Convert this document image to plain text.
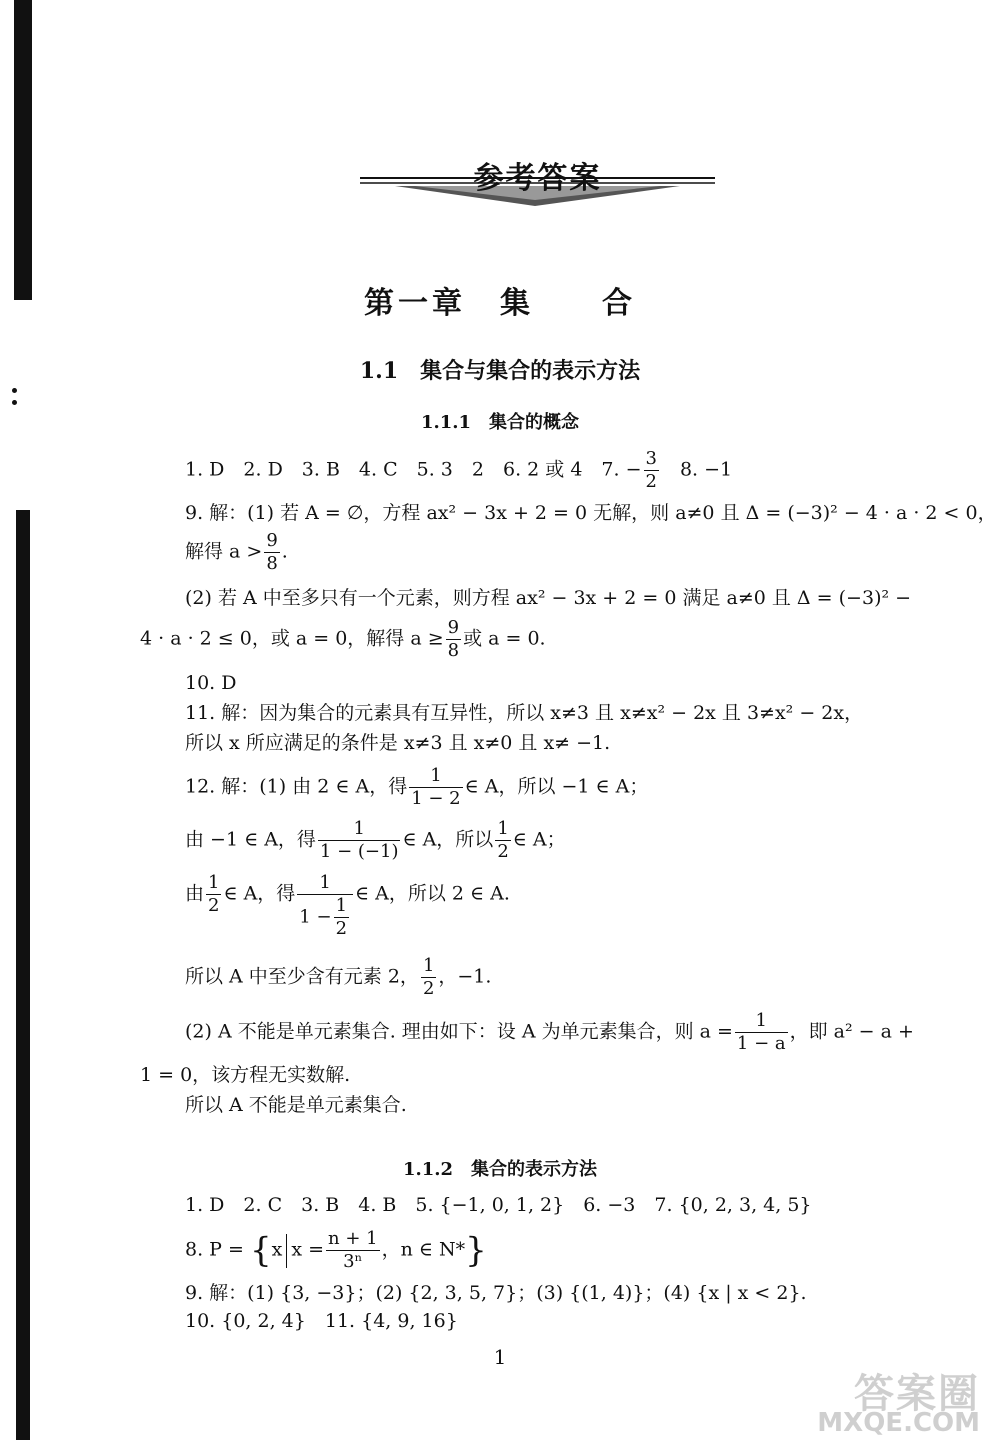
参考答案
第一章　集　　合
1.1　集合与集合的表示方法
1.1.1　集合的概念
1. D　2. D　3. B　4. C　5. 3　2　6. 2 或 4　7. − $\frac{3}{2}$ 　8. −1
9. 解：(1) 若 A = ∅，方程 ax² − 3x + 2 = 0 无解，则 a≠0 且 Δ = (−3)² − 4 · a · 2 < 0，
解得 $a > \frac{9}{8}$ .
(2) 若 A 中至多只有一个元素，则方程 ax² − 3x + 2 = 0 满足 a≠0 且 Δ = (−3)² −
4 · a · 2 ≤ 0，或 a = 0，解得 $a \ge \frac{9}{8}$ 或 a = 0.
10. D
11. 解：因为集合的元素具有互异性，所以 x≠3 且 x≠x² − 2x 且 3≠x² − 2x，
所以 x 所应满足的条件是 x≠3 且 x≠0 且 x≠ −1.
12. 解：(1) 由 2 ∈ A，得 $\frac{1}{1 - 2}$ ∈ A，所以 −1 ∈ A；
由 −1 ∈ A，得 $\frac{1}{1 - (-1)}$ ∈ A，所以 $\frac{1}{2}$ ∈ A；
由 $\frac{1}{2}$ ∈ A，得 $\frac{1}{1 - \frac{1}{2}}$ ∈ A，所以 2 ∈ A.
所以 A 中至少含有元素 2， $\frac{1}{2}$ ，−1.
(2) A 不能是单元素集合. 理由如下：设 A 为单元素集合，则 $a = \frac{1}{1 - a}$ ，即 a² − a +
1 = 0，该方程无实数解.
所以 A 不能是单元素集合.
1.1.2　集合的表示方法
1. D　2. C　3. B　4. B　5. {−1, 0, 1, 2}　6. −3　7. {0, 2, 3, 4, 5}
8. P = {x $x = \frac{n + 1}{\text{3ⁿ}}$ ，n ∈ N*}
9. 解：(1) {3, −3}；(2) {2, 3, 5, 7}；(3) {(1, 4)}；(4) {x | x < 2}.
10. {0, 2, 4}　11. {4, 9, 16}
1
答案圈
MXQE.COM
